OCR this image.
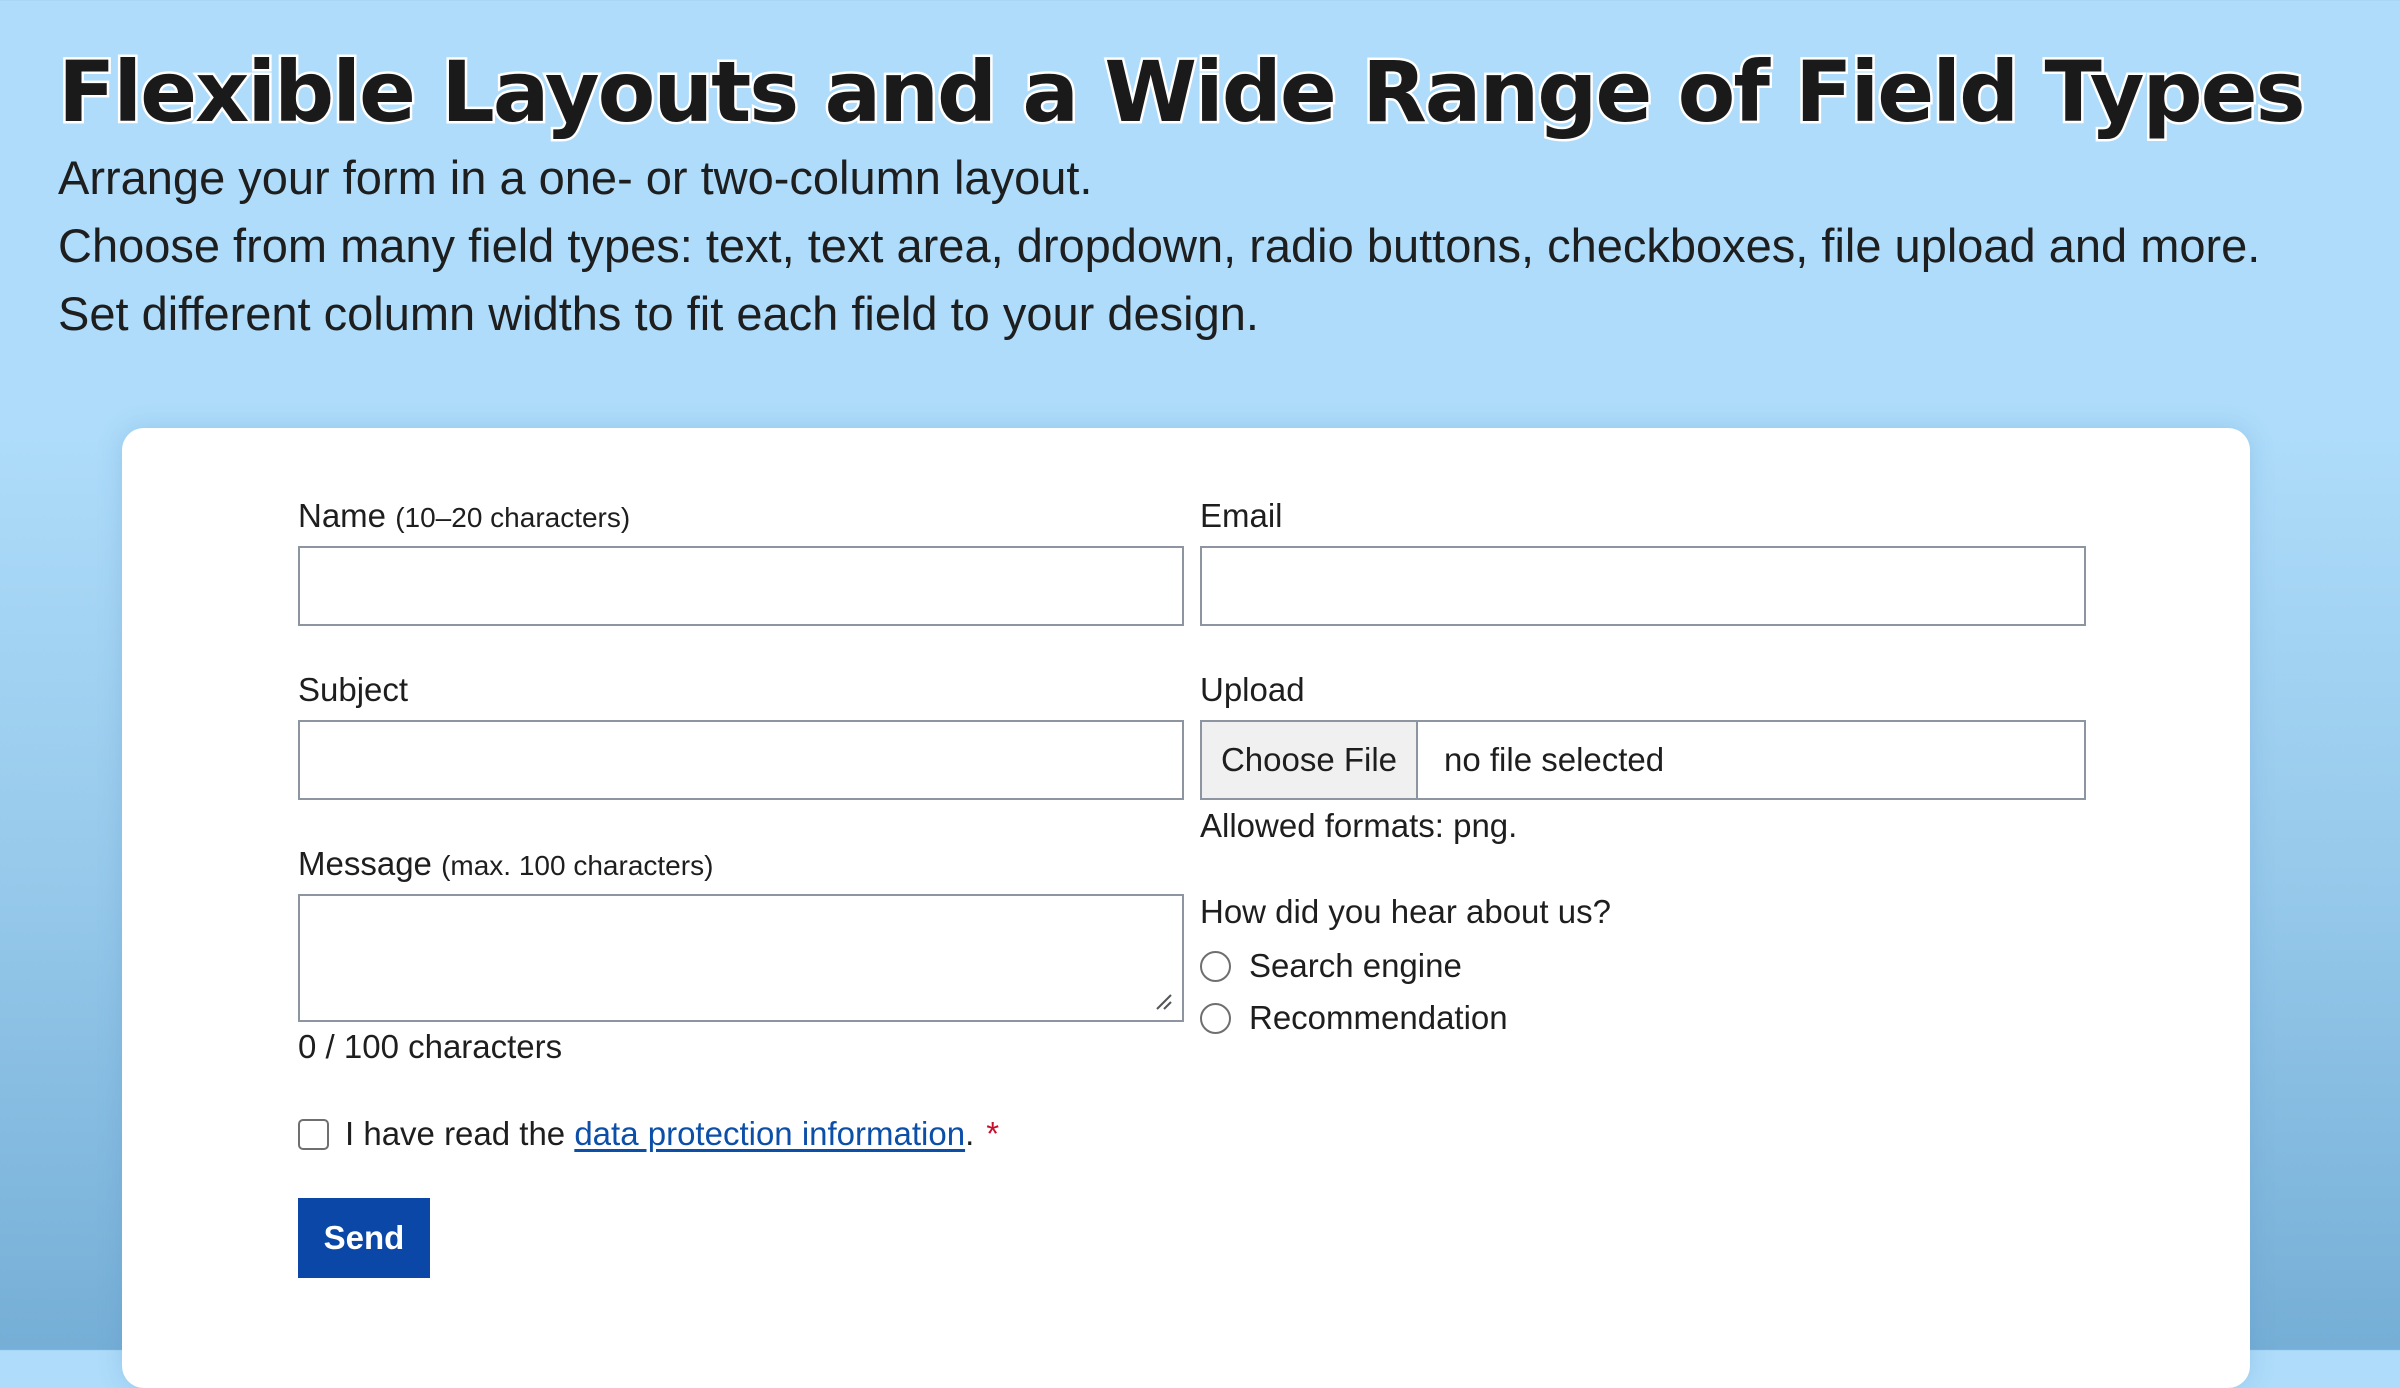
Flexible Layouts and a Wide Range of Field Types

Arrange your form in a one- or two-column layout.

Choose from many field types: text, text area, dropdown, radio buttons, checkboxes, file upload and more.

Set different column widths to fit each field to your design.

Name (10–20 characters)	Email
Subject	Upload
Choose File	no file selected
Allowed formats: png.
Message (max. 100 characters)
0 / 100 characters
How did you hear about us?
Search engine
Recommendation
I have read the
data protection information . *
Send
